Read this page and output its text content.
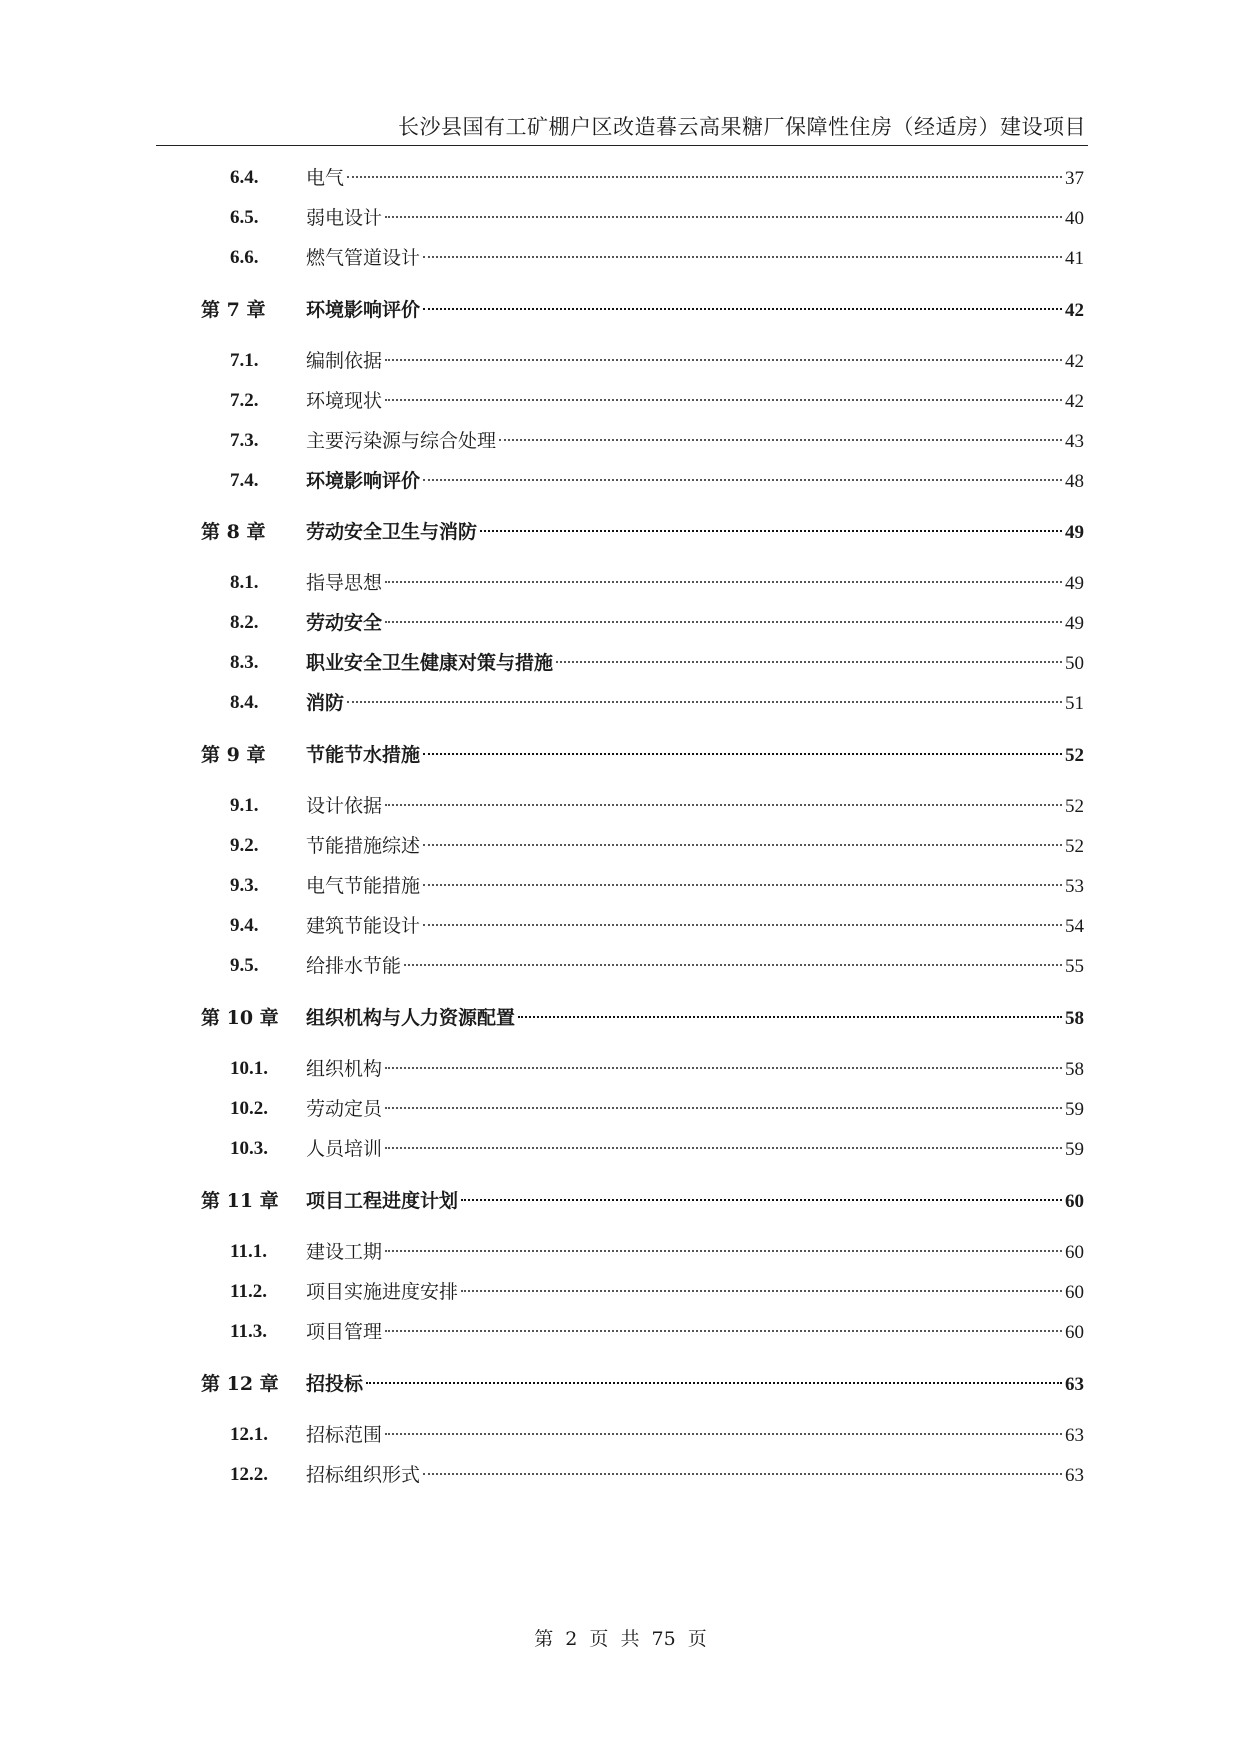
长沙县国有工矿棚户区改造暮云高果糖厂保障性住房（经适房）建设项目
6.4.	电气	37
6.5.	弱电设计	40
6.6.	燃气管道设计	41
第 7 章 环境影响评价	42
7.1.	编制依据	42
7.2.	环境现状	42
7.3.	主要污染源与综合处理	43
7.4.	环境影响评价	48
第 8 章 劳动安全卫生与消防	49
8.1.	指导思想	49
8.2.	劳动安全	49
8.3.	职业安全卫生健康对策与措施	50
8.4.	消防	51
第 9 章 节能节水措施	52
9.1.	设计依据	52
9.2.	节能措施综述	52
9.3.	电气节能措施	53
9.4.	建筑节能设计	54
9.5.	给排水节能	55
第 10 章 组织机构与人力资源配置	58
10.1. 组织机构	58
10.2. 劳动定员	59
10.3. 人员培训	59
第 11 章 项目工程进度计划	60
11.1. 建设工期	60
11.2. 项目实施进度安排	60
11.3. 项目管理	60
第 12 章 招投标	63
12.1. 招标范围	63
12.2. 招标组织形式	63
第 2 页 共 75 页
